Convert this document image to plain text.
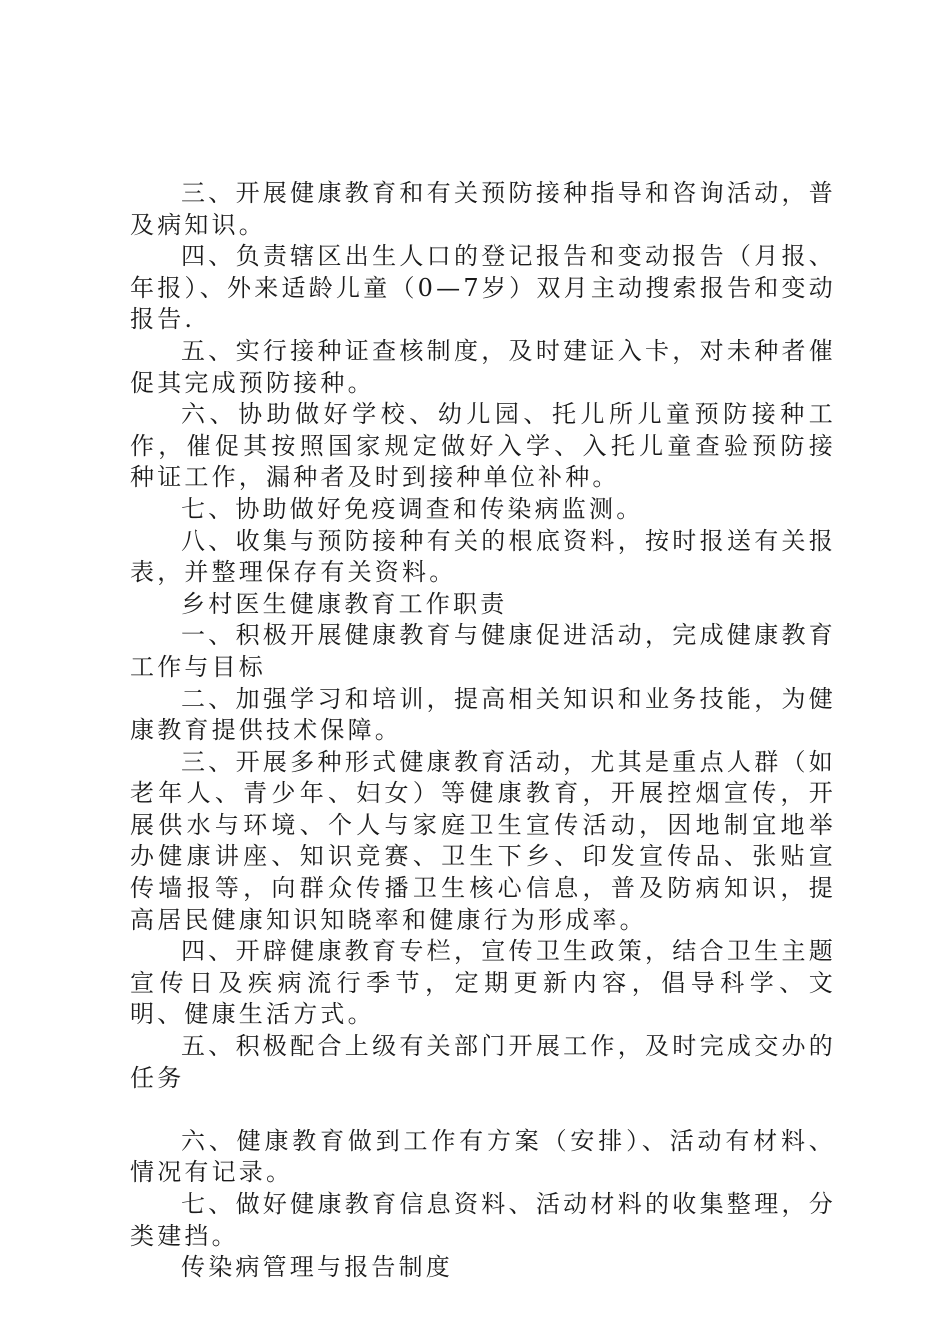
三、开展健康教育和有关预防接种指导和咨询活动，普及病知识。

四、负责辖区出生人口的登记报告和变动报告（月报、年报）、外来适龄儿童（0—7岁）双月主动搜索报告和变动报告.

五、实行接种证查核制度，及时建证入卡，对未种者催促其完成预防接种。

六、协助做好学校、幼儿园、托儿所儿童预防接种工作，催促其按照国家规定做好入学、入托儿童查验预防接种证工作，漏种者及时到接种单位补种。

七、协助做好免疫调查和传染病监测。

八、收集与预防接种有关的根底资料，按时报送有关报表，并整理保存有关资料。

乡村医生健康教育工作职责

一、积极开展健康教育与健康促进活动，完成健康教育工作与目标

二、加强学习和培训，提高相关知识和业务技能，为健康教育提供技术保障。

三、开展多种形式健康教育活动，尤其是重点人群（如老年人、青少年、妇女）等健康教育，开展控烟宣传，开展供水与环境、个人与家庭卫生宣传活动，因地制宜地举办健康讲座、知识竞赛、卫生下乡、印发宣传品、张贴宣传墙报等，向群众传播卫生核心信息，普及防病知识，提高居民健康知识知晓率和健康行为形成率。

四、开辟健康教育专栏，宣传卫生政策，结合卫生主题宣传日及疾病流行季节，定期更新内容，倡导科学、文明、健康生活方式。

五、积极配合上级有关部门开展工作，及时完成交办的任务

六、健康教育做到工作有方案（安排）、活动有材料、情况有记录。

七、做好健康教育信息资料、活动材料的收集整理，分类建挡。

传染病管理与报告制度
